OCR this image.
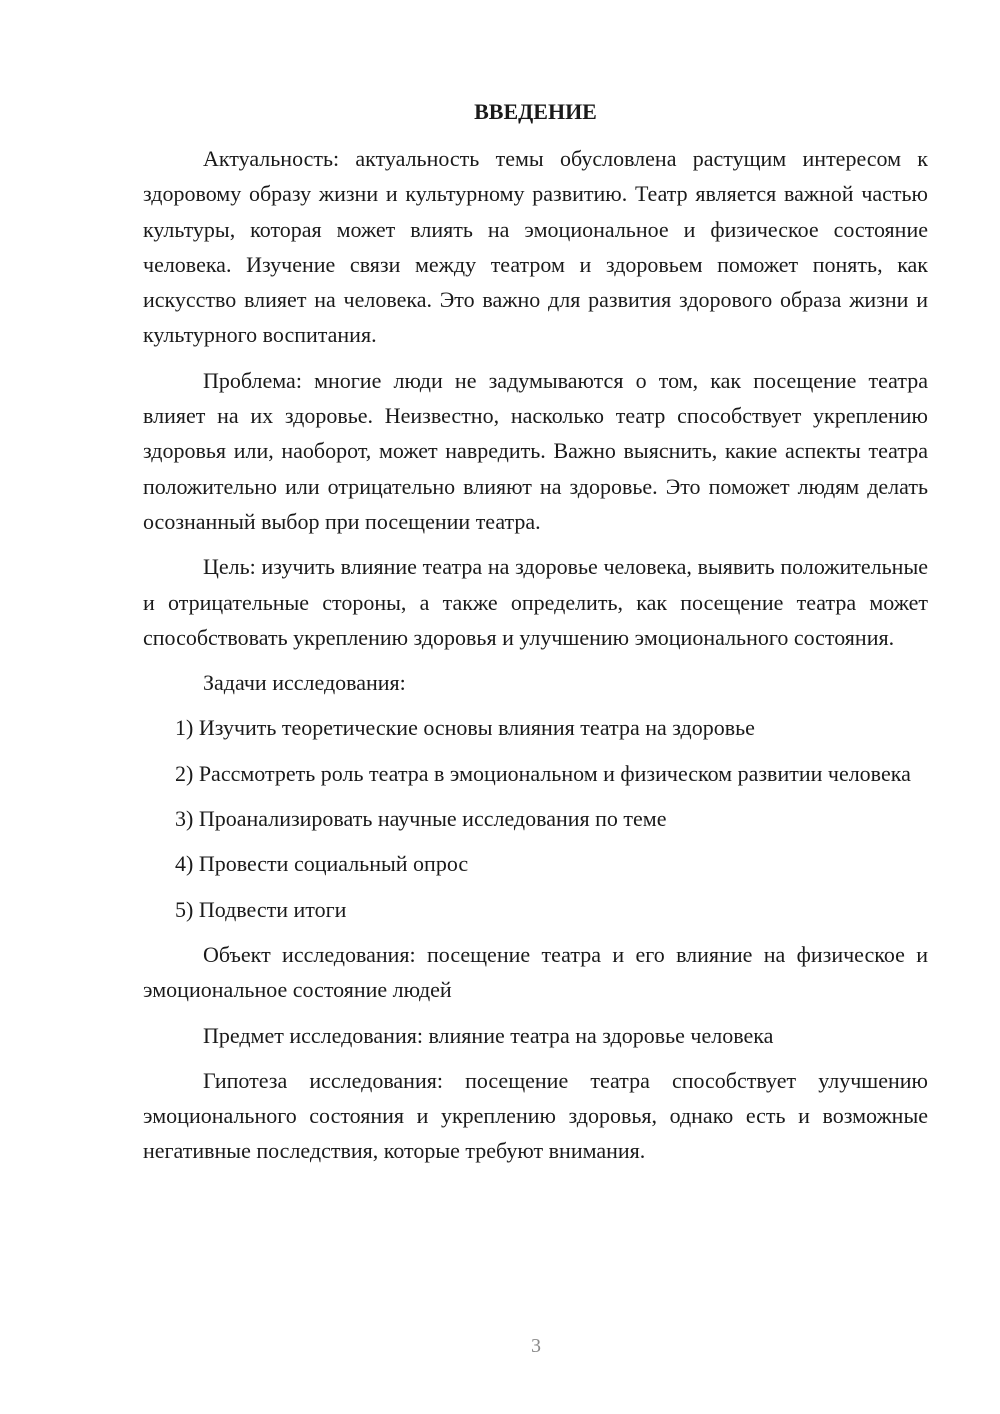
ВВЕДЕНИЕ

Актуальность: актуальность темы обусловлена растущим интересом к здоровому образу жизни и культурному развитию. Театр является важной частью культуры, которая может влиять на эмоциональное и физическое состояние человека. Изучение связи между театром и здоровьем поможет понять, как искусство влияет на человека. Это важно для развития здорового образа жизни и культурного воспитания.

Проблема: многие люди не задумываются о том, как посещение театра влияет на их здоровье. Неизвестно, насколько театр способствует укреплению здоровья или, наоборот, может навредить. Важно выяснить, какие аспекты театра положительно или отрицательно влияют на здоровье. Это поможет людям делать осознанный выбор при посещении театра.

Цель: изучить влияние театра на здоровье человека, выявить положительные и отрицательные стороны, а также определить, как посещение театра может способствовать укреплению здоровья и улучшению эмоционального состояния.

Задачи исследования:

1) Изучить теоретические основы влияния театра на здоровье

2) Рассмотреть роль театра в эмоциональном и физическом развитии человека

3) Проанализировать научные исследования по теме

4) Провести социальный опрос

5) Подвести итоги

Объект исследования: посещение театра и его влияние на физическое и эмоциональное состояние людей

Предмет исследования: влияние театра на здоровье человека

Гипотеза исследования: посещение театра способствует улучшению эмоционального состояния и укреплению здоровья, однако есть и возможные негативные последствия, которые требуют внимания.

3
